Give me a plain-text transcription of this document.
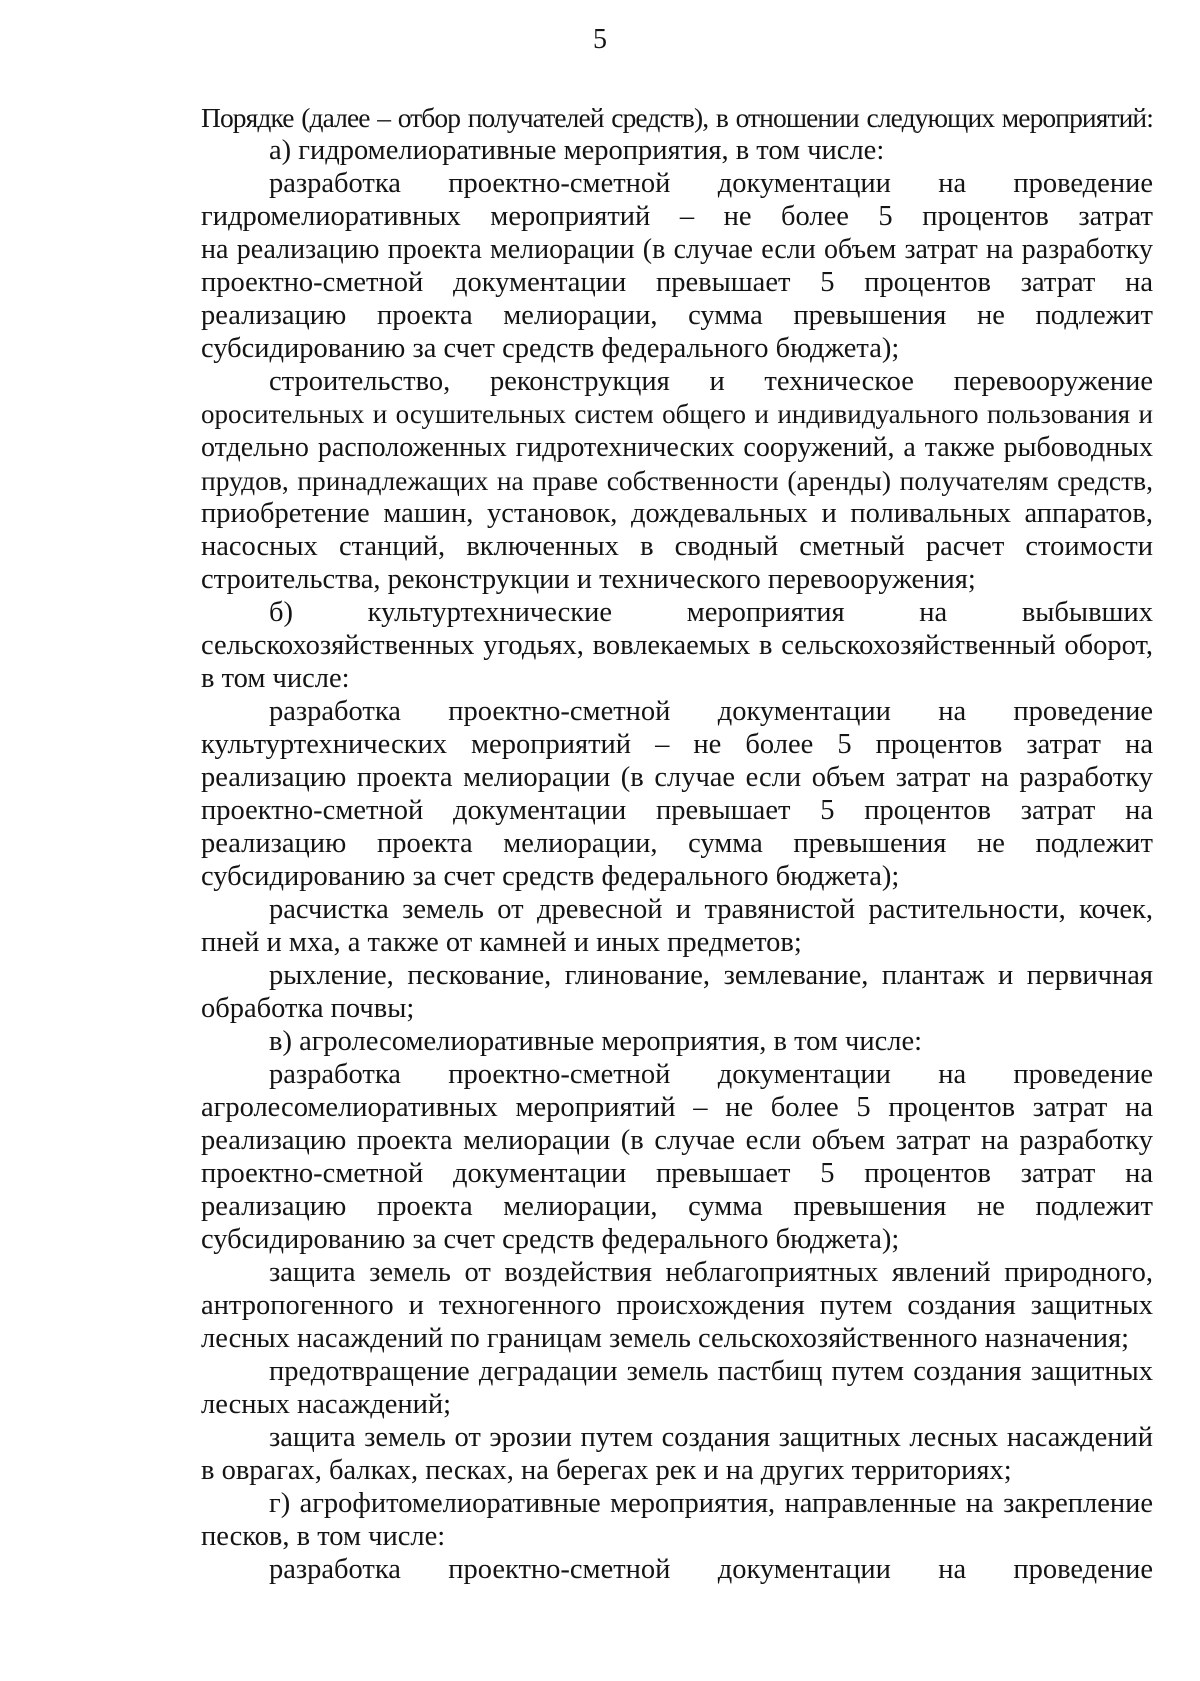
5
Порядке (далее – отбор получателей средств), в отношении следующих мероприятий:
а) гидромелиоративные мероприятия, в том числе:
разработка проектно-сметной документации на проведение
гидромелиоративных мероприятий – не более 5 процентов затрат
на реализацию проекта мелиорации (в случае если объем затрат на разработку
проектно-сметной документации превышает 5 процентов затрат на
реализацию проекта мелиорации, сумма превышения не подлежит
субсидированию за счет средств федерального бюджета);
строительство, реконструкция и техническое перевооружение
оросительных и осушительных систем общего и индивидуального пользования и
отдельно расположенных гидротехнических сооружений, а также рыбоводных
прудов, принадлежащих на праве собственности (аренды) получателям средств,
приобретение машин, установок, дождевальных и поливальных аппаратов,
насосных станций, включенных в сводный сметный расчет стоимости
строительства, реконструкции и технического перевооружения;
б) культуртехнические мероприятия на выбывших
сельскохозяйственных угодьях, вовлекаемых в сельскохозяйственный оборот,
в том числе:
разработка проектно-сметной документации на проведение
культуртехнических мероприятий – не более 5 процентов затрат на
реализацию проекта мелиорации (в случае если объем затрат на разработку
проектно-сметной документации превышает 5 процентов затрат на
реализацию проекта мелиорации, сумма превышения не подлежит
субсидированию за счет средств федерального бюджета);
расчистка земель от древесной и травянистой растительности, кочек,
пней и мха, а также от камней и иных предметов;
рыхление, пескование, глинование, землевание, плантаж и первичная
обработка почвы;
в) агролесомелиоративные мероприятия, в том числе:
разработка проектно-сметной документации на проведение
агролесомелиоративных мероприятий – не более 5 процентов затрат на
реализацию проекта мелиорации (в случае если объем затрат на разработку
проектно-сметной документации превышает 5 процентов затрат на
реализацию проекта мелиорации, сумма превышения не подлежит
субсидированию за счет средств федерального бюджета);
защита земель от воздействия неблагоприятных явлений природного,
антропогенного и техногенного происхождения путем создания защитных
лесных насаждений по границам земель сельскохозяйственного назначения;
предотвращение деградации земель пастбищ путем создания защитных
лесных насаждений;
защита земель от эрозии путем создания защитных лесных насаждений
в оврагах, балках, песках, на берегах рек и на других территориях;
г) агрофитомелиоративные мероприятия, направленные на закрепление
песков, в том числе:
разработка проектно-сметной документации на проведение
